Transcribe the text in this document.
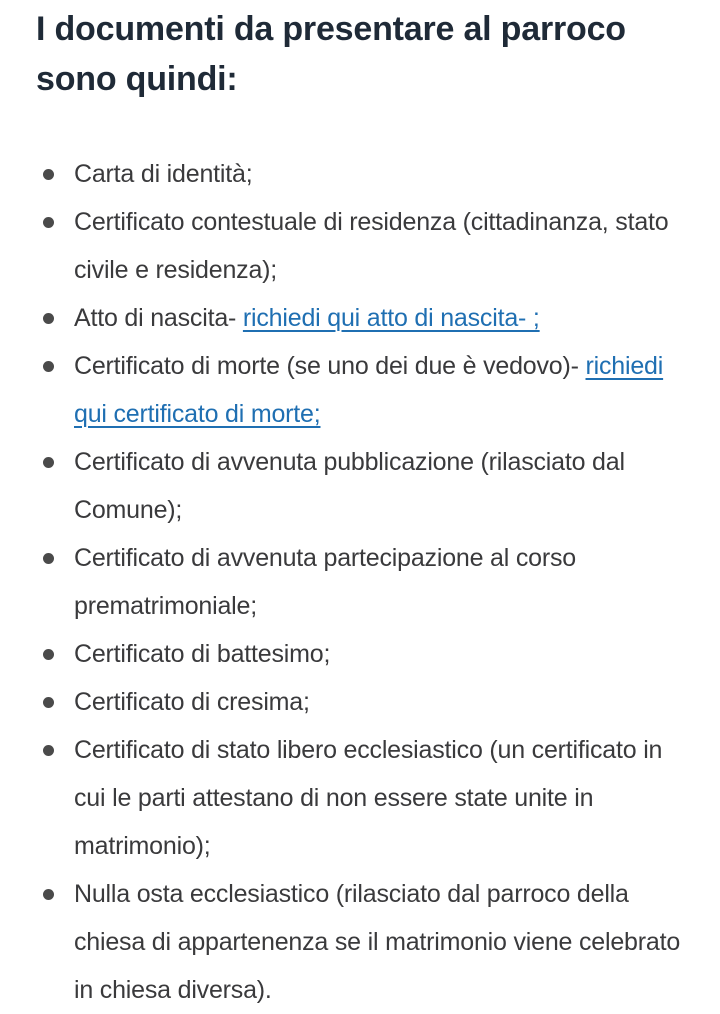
I documenti da presentare al parroco sono quindi:
Carta di identità;
Certificato contestuale di residenza (cittadinanza, stato civile e residenza);
Atto di nascita- richiedi qui atto di nascita- ;
Certificato di morte (se uno dei due è vedovo)- richiedi qui certificato di morte;
Certificato di avvenuta pubblicazione (rilasciato dal Comune);
Certificato di avvenuta partecipazione al corso prematrimoniale;
Certificato di battesimo;
Certificato di cresima;
Certificato di stato libero ecclesiastico (un certificato in cui le parti attestano di non essere state unite in matrimonio);
Nulla osta ecclesiastico (rilasciato dal parroco della chiesa di appartenenza se il matrimonio viene celebrato in chiesa diversa).
